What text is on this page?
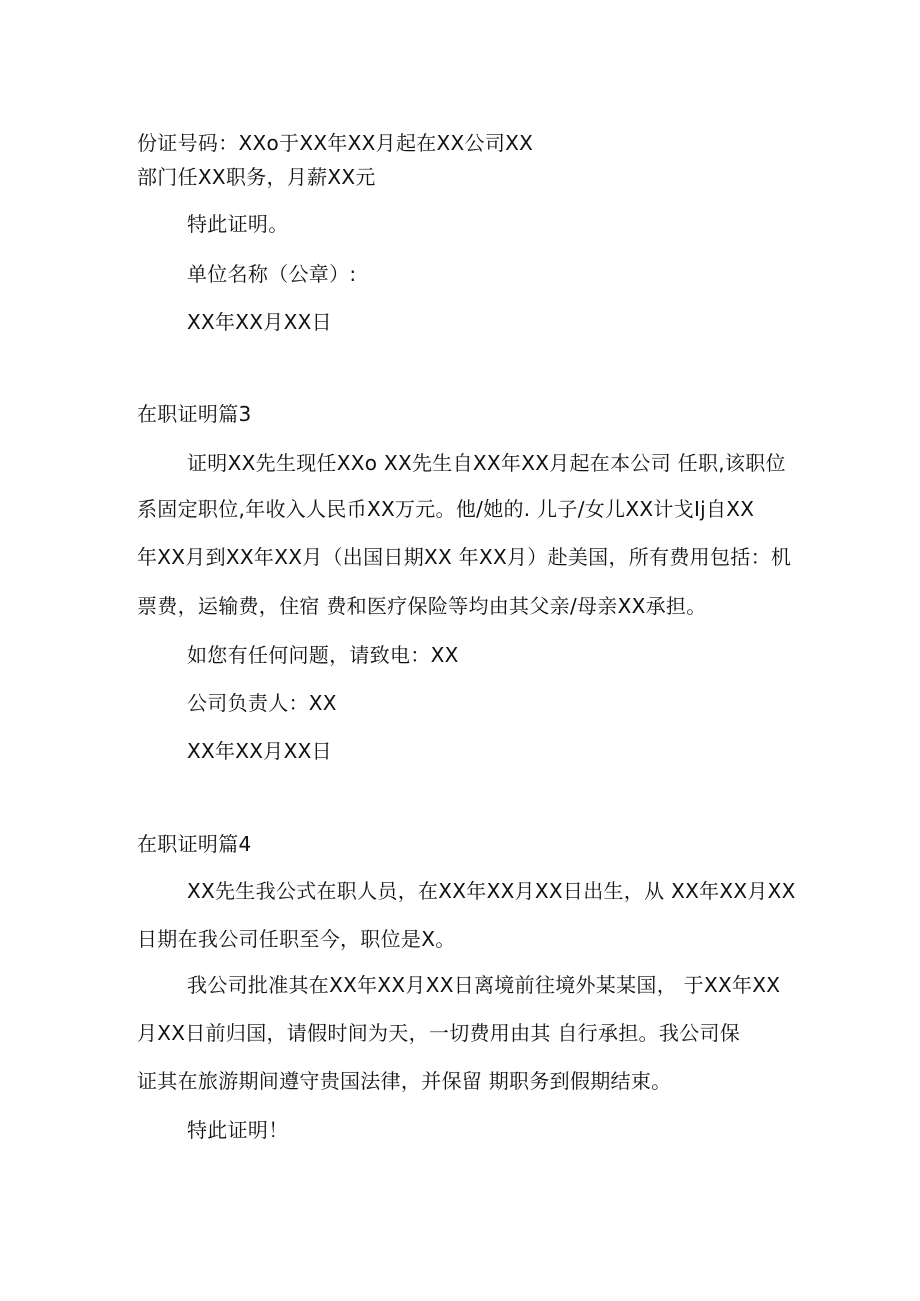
份证号码：XXo于XX年XX月起在XX公司XX
部门任XX职务，月薪XX元
特此证明。
单位名称（公章）:
XX年XX月XX日
在职证明篇3
证明XX先生现任XXo XX先生自XX年XX月起在本公司 任职,该职位
系固定职位,年收入人民币XX万元。他/她的. 儿子/女儿XX计戈Ij自XX
年XX月到XX年XX月（出国日期XX 年XX月）赴美国，所有费用包括：机
票费，运输费，住宿 费和医疗保险等均由其父亲/母亲XX承担。
如您有任何问题，请致电：XX
公司负责人：XX
XX年XX月XX日
在职证明篇4
XX先生我公式在职人员，在XX年XX月XX日出生，从 XX年XX月XX
日期在我公司任职至今，职位是X。
我公司批准其在XX年XX月XX日离境前往境外某某国， 于XX年XX
月XX日前归国，请假时间为天，一切费用由其 自行承担。我公司保
证其在旅游期间遵守贵国法律，并保留 期职务到假期结束。
特此证明！
